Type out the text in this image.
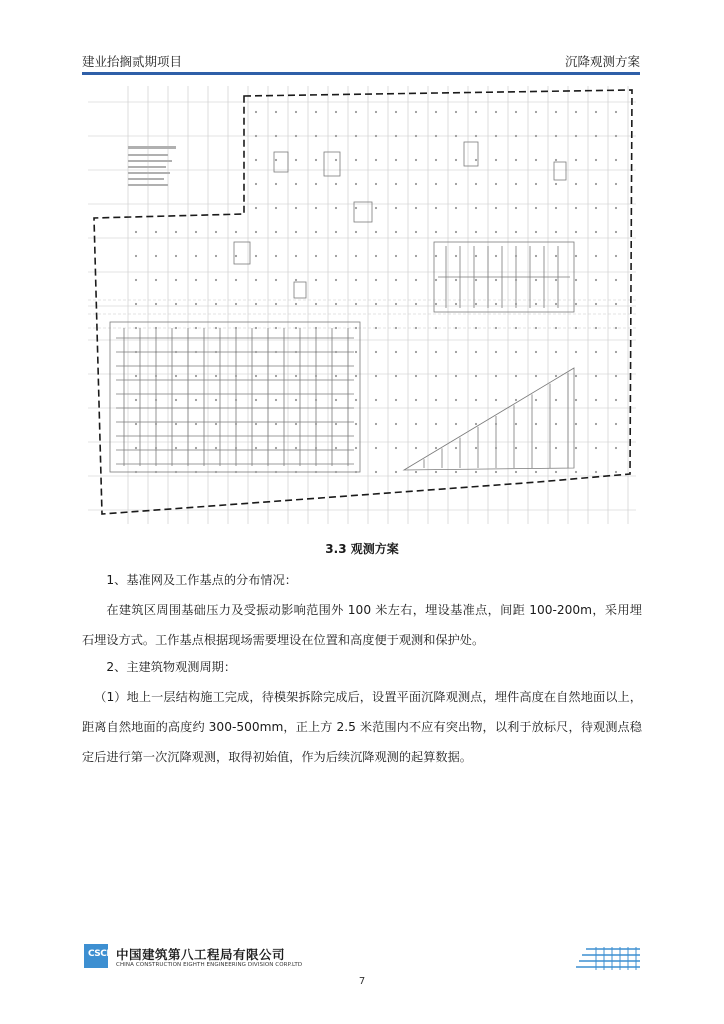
建业抬搁贰期项目	沉降观测方案
3.3 观测方案
1、基准网及工作基点的分布情况：
在建筑区周围基础压力及受振动影响范围外 100 米左右，埋设基准点，间距 100-200m，采用埋石埋设方式。工作基点根据现场需要埋设在位置和高度便于观测和保护处。
2、主建筑物观测周期：
（1）地上一层结构施工完成，待模架拆除完成后，设置平面沉降观测点，埋件高度在自然地面以上，距离自然地面的高度约 300-500mm，正上方 2.5 米范围内不应有突出物，以利于放标尺，待观测点稳定后进行第一次沉降观测，取得初始值，作为后续沉降观测的起算数据。
CSCEC
中国建筑第八工程局有限公司
CHINA CONSTRUCTION EIGHTH ENGINEERING DIVISION CORP.LTD
7
